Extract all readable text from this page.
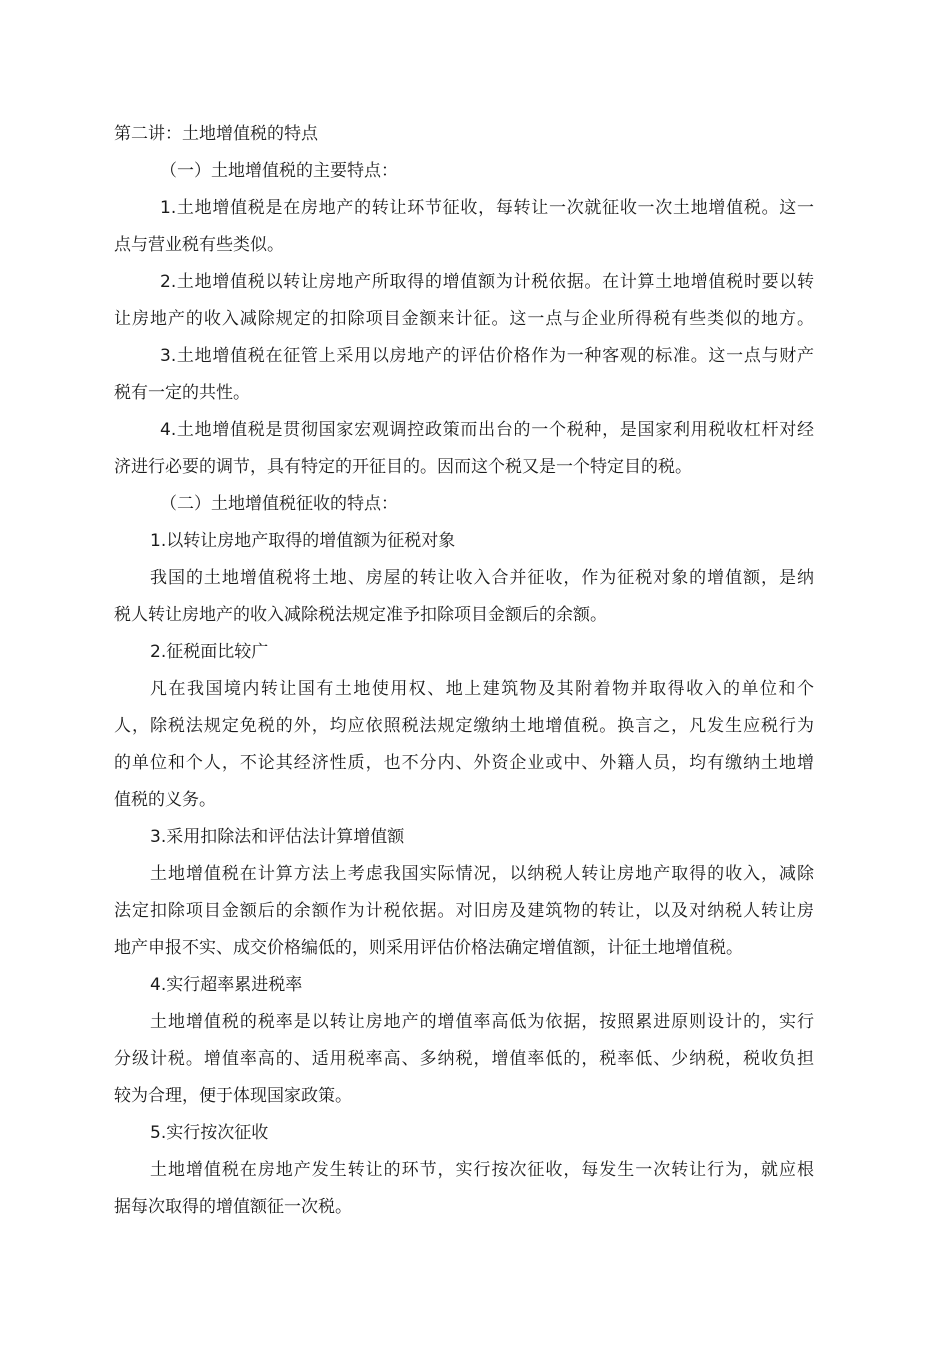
第二讲：土地增值税的特点
（一）土地增值税的主要特点：
1.土地增值税是在房地产的转让环节征收，每转让一次就征收一次土地增值税。这一
点与营业税有些类似。
2.土地增值税以转让房地产所取得的增值额为计税依据。在计算土地增值税时要以转
让房地产的收入减除规定的扣除项目金额来计征。这一点与企业所得税有些类似的地方。
3.土地增值税在征管上采用以房地产的评估价格作为一种客观的标准。这一点与财产
税有一定的共性。
4.土地增值税是贯彻国家宏观调控政策而出台的一个税种，是国家利用税收杠杆对经
济进行必要的调节，具有特定的开征目的。因而这个税又是一个特定目的税。
（二）土地增值税征收的特点：
1.以转让房地产取得的增值额为征税对象
我国的土地增值税将土地、房屋的转让收入合并征收，作为征税对象的增值额，是纳
税人转让房地产的收入减除税法规定准予扣除项目金额后的余额。
2.征税面比较广
凡在我国境内转让国有土地使用权、地上建筑物及其附着物并取得收入的单位和个
人，除税法规定免税的外，均应依照税法规定缴纳土地增值税。换言之，凡发生应税行为
的单位和个人，不论其经济性质，也不分内、外资企业或中、外籍人员，均有缴纳土地增
值税的义务。
3.采用扣除法和评估法计算增值额
土地增值税在计算方法上考虑我国实际情况，以纳税人转让房地产取得的收入，减除
法定扣除项目金额后的余额作为计税依据。对旧房及建筑物的转让，以及对纳税人转让房
地产申报不实、成交价格编低的，则采用评估价格法确定增值额，计征土地增值税。
4.实行超率累进税率
土地增值税的税率是以转让房地产的增值率高低为依据，按照累进原则设计的，实行
分级计税。增值率高的、适用税率高、多纳税，增值率低的，税率低、少纳税，税收负担
较为合理，便于体现国家政策。
5.实行按次征收
土地增值税在房地产发生转让的环节，实行按次征收，每发生一次转让行为，就应根
据每次取得的增值额征一次税。
